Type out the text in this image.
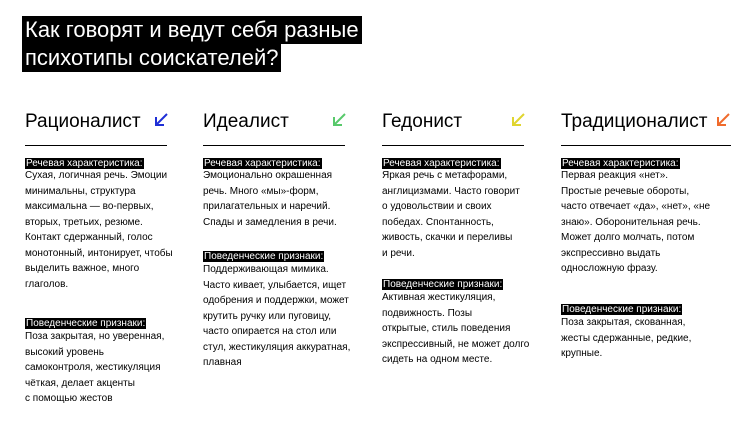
Как говорят и ведут себя разные
психотипы соискателей?
Рационалист
Речевая характеристика:
Сухая, логичная речь. Эмоции
минимальны, структура
максимальна — во-первых,
вторых, третьих, резюме.
Контакт сдержанный, голос
монотонный, интонирует, чтобы
выделить важное, много
глаголов.
Поведенческие признаки:
Поза закрытая, но уверенная,
высокий уровень
самоконтроля, жестикуляция
чёткая, делает акценты
с помощью жестов
Идеалист
Речевая характеристика:
Эмоционально окрашенная
речь. Много «мы»-форм,
прилагательных и наречий.
Спады и замедления в речи.
Поведенческие признаки:
Поддерживающая мимика.
Часто кивает, улыбается, ищет
одобрения и поддержки, может
крутить ручку или пуговицу,
часто опирается на стол или
стул, жестикуляция аккуратная,
плавная
Гедонист
Речевая характеристика:
Яркая речь с метафорами,
англицизмами. Часто говорит
о удовольствии и своих
победах. Спонтанность,
живость, скачки и переливы
и речи.
Поведенческие признаки:
Активная жестикуляция,
подвижность. Позы
открытые, стиль поведения
экспрессивный, не может долго
сидеть на одном месте.
Традиционалист
Речевая характеристика:
Первая реакция «нет».
Простые речевые обороты,
часто отвечает «да», «нет», «не
знаю». Оборонительная речь.
Может долго молчать, потом
экспрессивно выдать
односложную фразу.
Поведенческие признаки:
Поза закрытая, скованная,
жесты сдержанные, редкие,
крупные.
